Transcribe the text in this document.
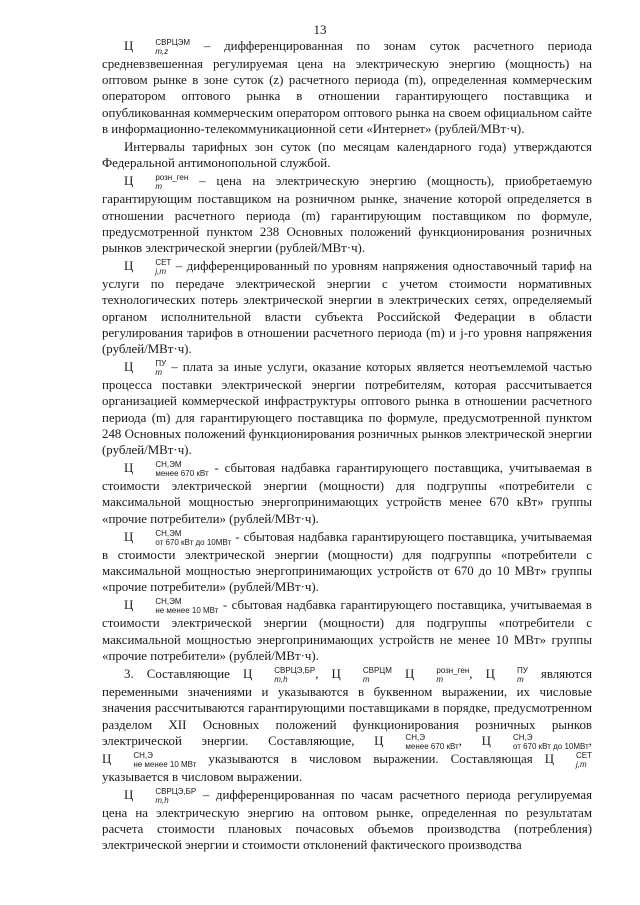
13

Ц	СВРЦЭМ
m,z	– дифференцированная по зонам суток расчетного периода средневзвешенная регулируемая цена на электрическую энергию (мощность) на оптовом рынке в зоне суток (z) расчетного периода (m), определенная коммерческим оператором оптового рынка в отношении гарантирующего поставщика и опубликованная коммерческим оператором оптового рынка на своем официальном сайте в информационно-телекоммуникационной сети «Интернет» (рублей/МВт·ч).

Интервалы тарифных зон суток (по месяцам календарного года) утверждаются Федеральной антимонопольной службой.

Ц	розн_ген
m	– цена на электрическую энергию (мощность), приобретаемую гарантирующим поставщиком на розничном рынке, значение которой определяется в отношении расчетного периода (m) гарантирующим поставщиком по формуле, предусмотренной пунктом 238 Основных положений функционирования розничных рынков электрической энергии (рублей/МВт·ч).

Ц	СЕТ
j,m – дифференцированный по уровням напряжения одноставочный тариф на услуги по передаче электрической энергии с учетом стоимости нормативных технологических потерь электрической энергии в электрических сетях, определяемый органом исполнительной власти субъекта Российской Федерации в области регулирования тарифов в отношении расчетного периода (m) и j-го уровня напряжения (рублей/МВт·ч).

Ц	ПУ
m – плата за иные услуги, оказание которых является неотъемлемой частью процесса поставки электрической энергии потребителям, которая рассчитывается организацией коммерческой инфраструктуры оптового рынка в отношении расчетного периода (m) для гарантирующего поставщика по формуле, предусмотренной пунктом 248 Основных положений функционирования розничных рынков электрической энергии (рублей/МВт·ч).

Ц	СН,ЭМ
менее 670 кВт - сбытовая надбавка гарантирующего поставщика, учитываемая в стоимости электрической энергии (мощности) для подгруппы «потребители с максимальной мощностью энергопринимающих устройств менее 670 кВт» группы «прочие потребители» (рублей/МВт·ч).

Ц	СН,ЭМ
от 670 кВт до 10МВт - сбытовая надбавка гарантирующего поставщика, учитываемая в стоимости электрической энергии (мощности) для подгруппы «потребители с максимальной мощностью энергопринимающих устройств от 670 до 10 МВт» группы «прочие потребители» (рублей/МВт·ч).

Ц	СН,ЭМ
не менее 10 МВт - сбытовая надбавка гарантирующего поставщика, учитываемая в стоимости электрической энергии (мощности) для подгруппы «потребители с максимальной мощностью энергопринимающих устройств не менее 10 МВт» группы «прочие потребители» (рублей/МВт·ч).

3. Составляющие Ц	СВРЦЭ,БР
m,h	, Ц	СВРЦМ
m	Ц	розн_ген
m	, Ц	ПУ
m являются переменными значениями и указываются в буквенном выражении, их числовые значения рассчитываются гарантирующими поставщиками в порядке, предусмотренном разделом XII Основных положений функционирования розничных рынков электрической энергии. Составляющие, Ц	СН,Э
менее 670 кВт , Ц	СН,Э
от 670 кВт до 10МВт , Ц	СН,Э
не менее 10 МВт указываются в числовом выражении. Составляющая Ц	СЕТ
j,m
указывается в числовом выражении.

Ц	СВРЦЭ,БР
m,h	– дифференцированная по часам расчетного периода регулируемая цена на электрическую энергию на оптовом рынке, определенная по результатам расчета стоимости плановых почасовых объемов производства (потребления) электрической энергии и стоимости отклонений фактического производства
